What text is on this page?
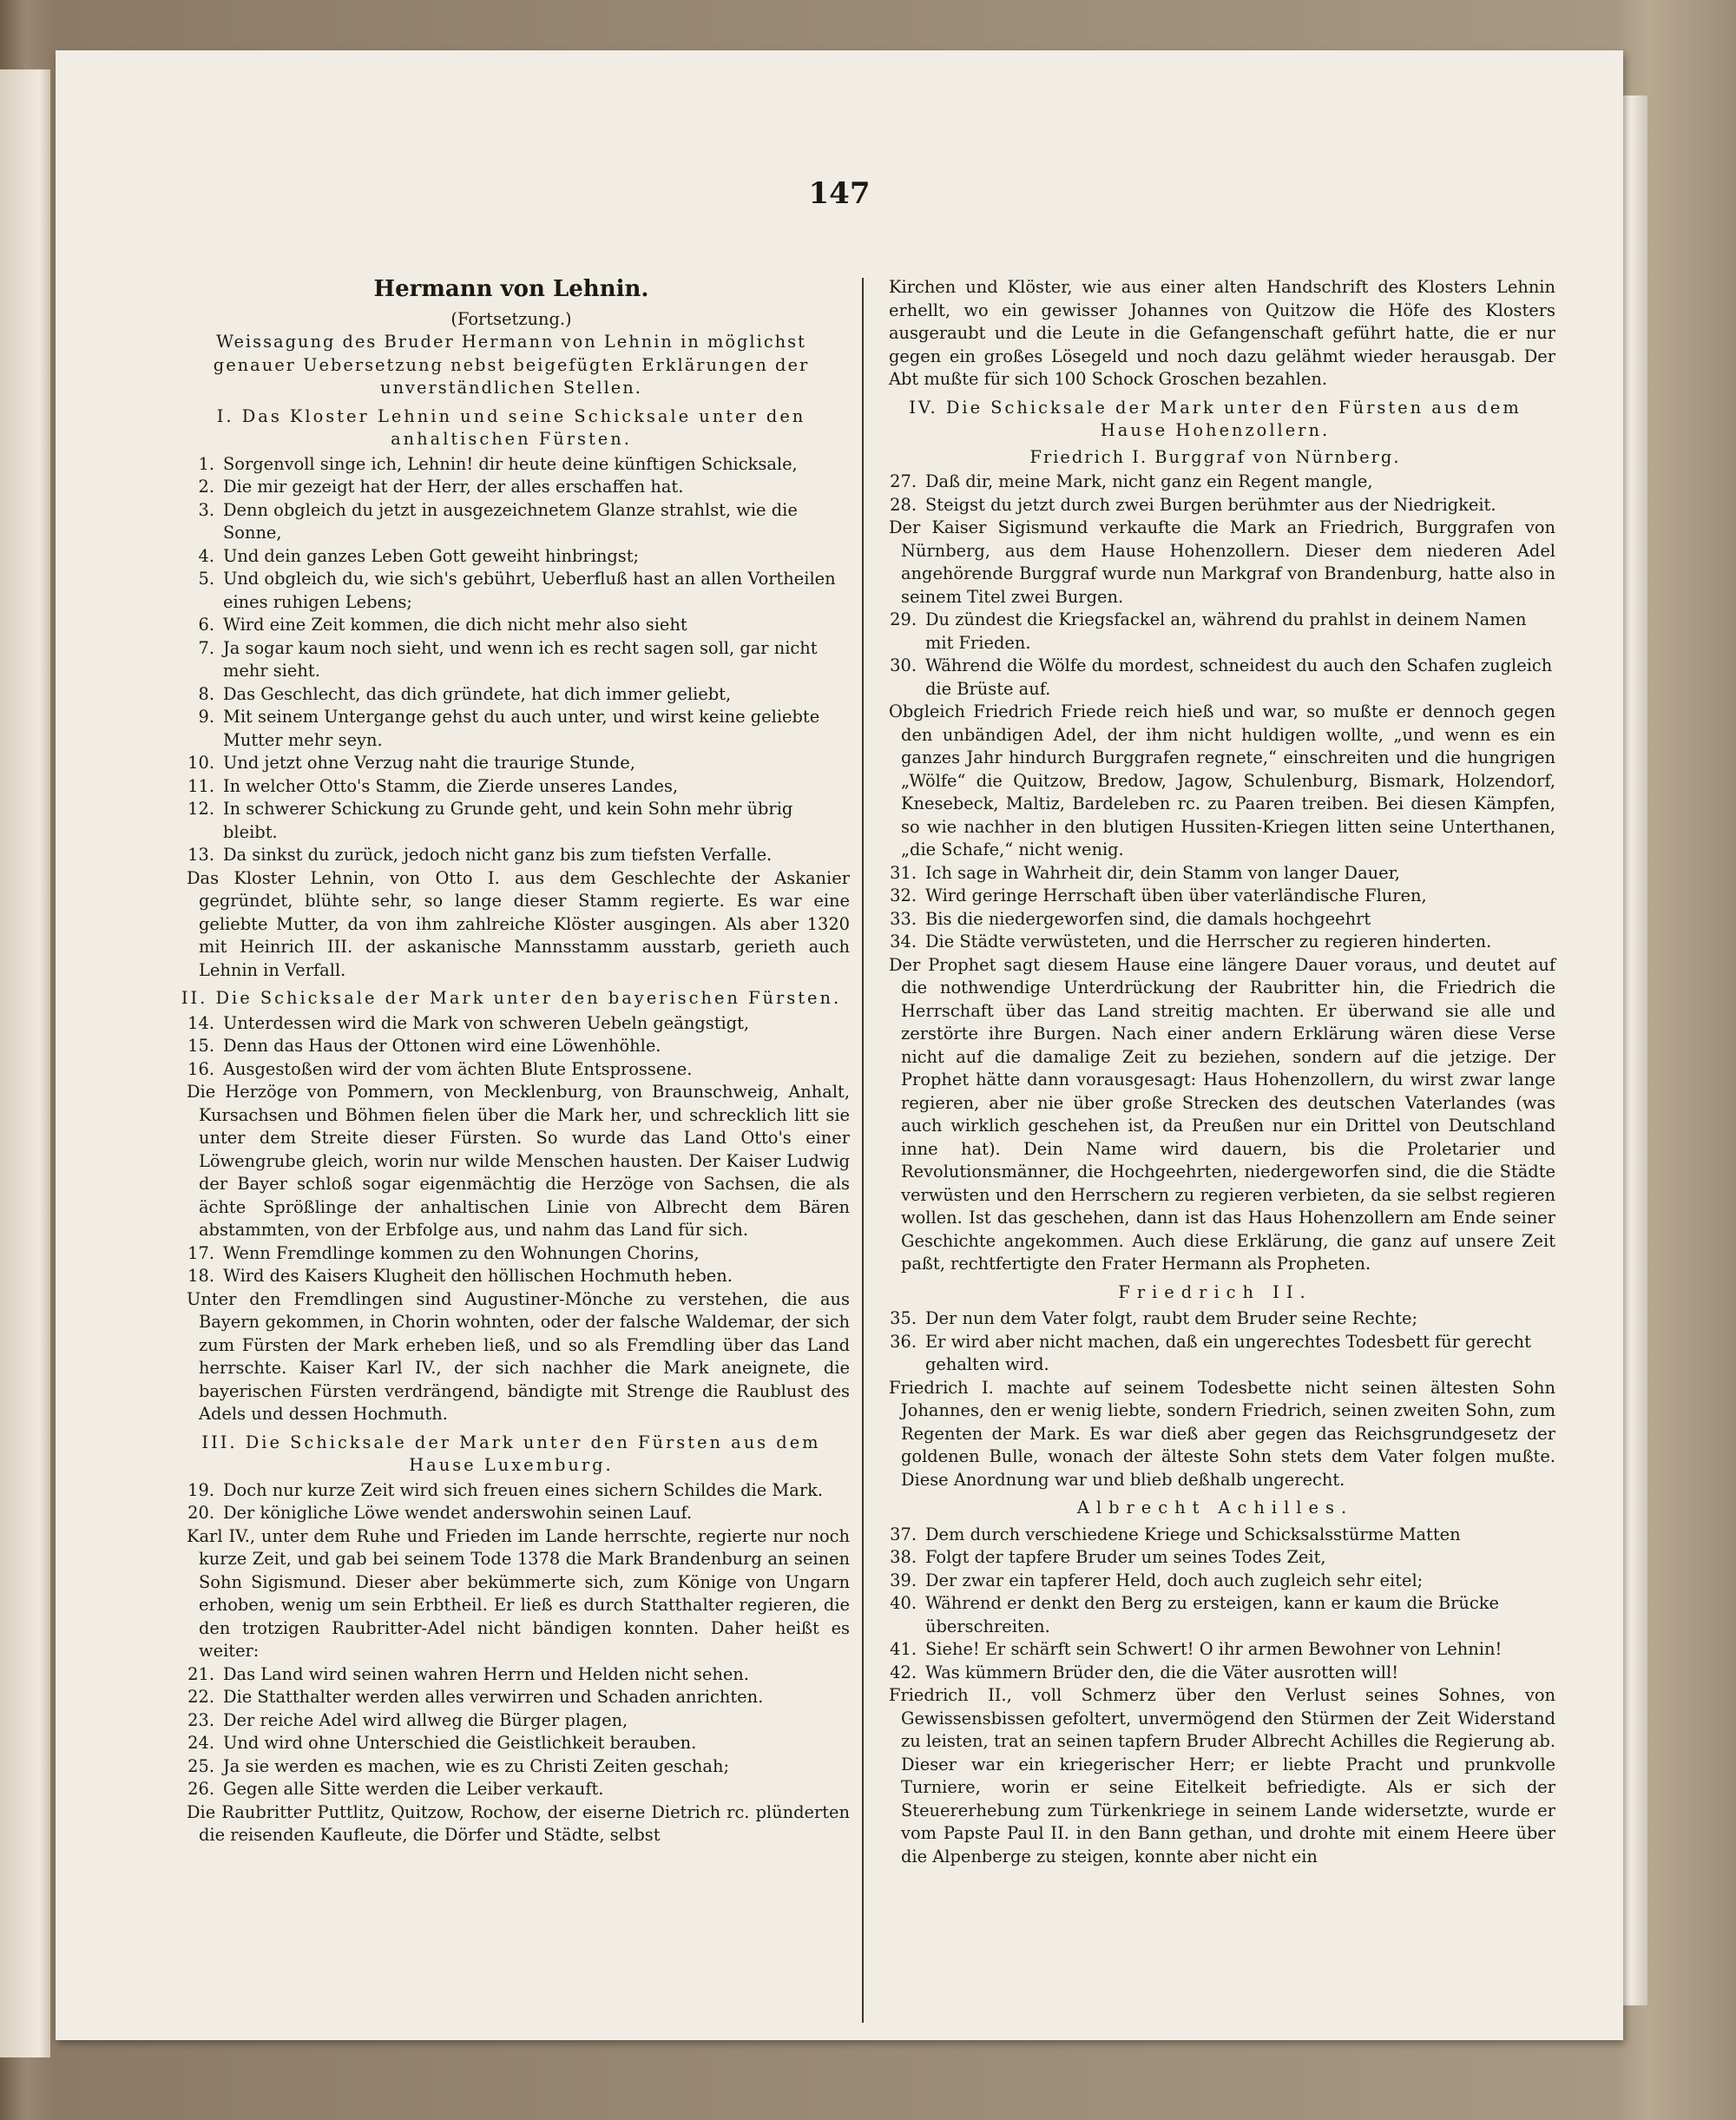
147
Hermann von Lehnin.
(Fortsetzung.)
Weissagung des Bruder Hermann von Lehnin in möglichst genauer Uebersetzung nebst beigefügten Erklärungen der unverständlichen Stellen.
I. Das Kloster Lehnin und seine Schicksale unter den anhaltischen Fürsten.
1. Sorgenvoll singe ich, Lehnin! dir heute deine künftigen Schicksale,
2. Die mir gezeigt hat der Herr, der alles erschaffen hat.
3. Denn obgleich du jetzt in ausgezeichnetem Glanze strahlst, wie die Sonne,
4. Und dein ganzes Leben Gott geweiht hinbringst;
5. Und obgleich du, wie sich's gebührt, Ueberfluß hast an allen Vortheilen eines ruhigen Lebens;
6. Wird eine Zeit kommen, die dich nicht mehr also sieht
7. Ja sogar kaum noch sieht, und wenn ich es recht sagen soll, gar nicht mehr sieht.
8. Das Geschlecht, das dich gründete, hat dich immer geliebt,
9. Mit seinem Untergange gehst du auch unter, und wirst keine geliebte Mutter mehr seyn.
10. Und jetzt ohne Verzug naht die traurige Stunde,
11. In welcher Otto's Stamm, die Zierde unseres Landes,
12. In schwerer Schickung zu Grunde geht, und kein Sohn mehr übrig bleibt.
13. Da sinkst du zurück, jedoch nicht ganz bis zum tiefsten Verfalle.
Das Kloster Lehnin, von Otto I. aus dem Geschlechte der Askanier gegründet, blühte sehr, so lange dieser Stamm regierte. Es war eine geliebte Mutter, da von ihm zahlreiche Klöster ausgingen. Als aber 1320 mit Heinrich III. der askanische Mannsstamm ausstarb, gerieth auch Lehnin in Verfall.
II. Die Schicksale der Mark unter den bayerischen Fürsten.
14. Unterdessen wird die Mark von schweren Uebeln geängstigt,
15. Denn das Haus der Ottonen wird eine Löwenhöhle.
16. Ausgestoßen wird der vom ächten Blute Entsprossene.
Die Herzöge von Pommern, von Mecklenburg, von Braunschweig, Anhalt, Kursachsen und Böhmen fielen über die Mark her, und schrecklich litt sie unter dem Streite dieser Fürsten. So wurde das Land Otto's einer Löwengrube gleich, worin nur wilde Menschen hausten. Der Kaiser Ludwig der Bayer schloß sogar eigenmächtig die Herzöge von Sachsen, die als ächte Sprößlinge der anhaltischen Linie von Albrecht dem Bären abstammten, von der Erbfolge aus, und nahm das Land für sich.
17. Wenn Fremdlinge kommen zu den Wohnungen Chorins,
18. Wird des Kaisers Klugheit den höllischen Hochmuth heben.
Unter den Fremdlingen sind Augustiner-Mönche zu verstehen, die aus Bayern gekommen, in Chorin wohnten, oder der falsche Waldemar, der sich zum Fürsten der Mark erheben ließ, und so als Fremdling über das Land herrschte. Kaiser Karl IV., der sich nachher die Mark aneignete, die bayerischen Fürsten verdrängend, bändigte mit Strenge die Raublust des Adels und dessen Hochmuth.
III. Die Schicksale der Mark unter den Fürsten aus dem Hause Luxemburg.
19. Doch nur kurze Zeit wird sich freuen eines sichern Schildes die Mark.
20. Der königliche Löwe wendet anderswohin seinen Lauf.
Karl IV., unter dem Ruhe und Frieden im Lande herrschte, regierte nur noch kurze Zeit, und gab bei seinem Tode 1378 die Mark Brandenburg an seinen Sohn Sigismund. Dieser aber bekümmerte sich, zum Könige von Ungarn erhoben, wenig um sein Erbtheil. Er ließ es durch Statthalter regieren, die den trotzigen Raubritter-Adel nicht bändigen konnten. Daher heißt es weiter:
21. Das Land wird seinen wahren Herrn und Helden nicht sehen.
22. Die Statthalter werden alles verwirren und Schaden anrichten.
23. Der reiche Adel wird allweg die Bürger plagen,
24. Und wird ohne Unterschied die Geistlichkeit berauben.
25. Ja sie werden es machen, wie es zu Christi Zeiten geschah;
26. Gegen alle Sitte werden die Leiber verkauft.
Die Raubritter Puttlitz, Quitzow, Rochow, der eiserne Dietrich rc. plünderten die reisenden Kaufleute, die Dörfer und Städte, selbst
Kirchen und Klöster, wie aus einer alten Handschrift des Klosters Lehnin erhellt, wo ein gewisser Johannes von Quitzow die Höfe des Klosters ausgeraubt und die Leute in die Gefangenschaft geführt hatte, die er nur gegen ein großes Lösegeld und noch dazu gelähmt wieder herausgab. Der Abt mußte für sich 100 Schock Groschen bezahlen.
IV. Die Schicksale der Mark unter den Fürsten aus dem Hause Hohenzollern.
Friedrich I. Burggraf von Nürnberg.
27. Daß dir, meine Mark, nicht ganz ein Regent mangle,
28. Steigst du jetzt durch zwei Burgen berühmter aus der Niedrigkeit.
Der Kaiser Sigismund verkaufte die Mark an Friedrich, Burggrafen von Nürnberg, aus dem Hause Hohenzollern. Dieser dem niederen Adel angehörende Burggraf wurde nun Markgraf von Brandenburg, hatte also in seinem Titel zwei Burgen.
29. Du zündest die Kriegsfackel an, während du prahlst in deinem Namen mit Frieden.
30. Während die Wölfe du mordest, schneidest du auch den Schafen zugleich die Brüste auf.
Obgleich Friedrich Friede reich hieß und war, so mußte er dennoch gegen den unbändigen Adel, der ihm nicht huldigen wollte, „und wenn es ein ganzes Jahr hindurch Burggrafen regnete,“ einschreiten und die hungrigen „Wölfe“ die Quitzow, Bredow, Jagow, Schulenburg, Bismark, Holzendorf, Knesebeck, Maltiz, Bardeleben rc. zu Paaren treiben. Bei diesen Kämpfen, so wie nachher in den blutigen Hussiten-Kriegen litten seine Unterthanen, „die Schafe,“ nicht wenig.
31. Ich sage in Wahrheit dir, dein Stamm von langer Dauer,
32. Wird geringe Herrschaft üben über vaterländische Fluren,
33. Bis die niedergeworfen sind, die damals hochgeehrt
34. Die Städte verwüsteten, und die Herrscher zu regieren hinderten.
Der Prophet sagt diesem Hause eine längere Dauer voraus, und deutet auf die nothwendige Unterdrückung der Raubritter hin, die Friedrich die Herrschaft über das Land streitig machten. Er überwand sie alle und zerstörte ihre Burgen. Nach einer andern Erklärung wären diese Verse nicht auf die damalige Zeit zu beziehen, sondern auf die jetzige. Der Prophet hätte dann vorausgesagt: Haus Hohenzollern, du wirst zwar lange regieren, aber nie über große Strecken des deutschen Vaterlandes (was auch wirklich geschehen ist, da Preußen nur ein Drittel von Deutschland inne hat). Dein Name wird dauern, bis die Proletarier und Revolutionsmänner, die Hochgeehrten, niedergeworfen sind, die die Städte verwüsten und den Herrschern zu regieren verbieten, da sie selbst regieren wollen. Ist das geschehen, dann ist das Haus Hohenzollern am Ende seiner Geschichte angekommen. Auch diese Erklärung, die ganz auf unsere Zeit paßt, rechtfertigte den Frater Hermann als Propheten.
Friedrich II.
35. Der nun dem Vater folgt, raubt dem Bruder seine Rechte;
36. Er wird aber nicht machen, daß ein ungerechtes Todesbett für gerecht gehalten wird.
Friedrich I. machte auf seinem Todesbette nicht seinen ältesten Sohn Johannes, den er wenig liebte, sondern Friedrich, seinen zweiten Sohn, zum Regenten der Mark. Es war dieß aber gegen das Reichsgrundgesetz der goldenen Bulle, wonach der älteste Sohn stets dem Vater folgen mußte. Diese Anordnung war und blieb deßhalb ungerecht.
Albrecht Achilles.
37. Dem durch verschiedene Kriege und Schicksalsstürme Matten
38. Folgt der tapfere Bruder um seines Todes Zeit,
39. Der zwar ein tapferer Held, doch auch zugleich sehr eitel;
40. Während er denkt den Berg zu ersteigen, kann er kaum die Brücke überschreiten.
41. Siehe! Er schärft sein Schwert! O ihr armen Bewohner von Lehnin!
42. Was kümmern Brüder den, die die Väter ausrotten will!
Friedrich II., voll Schmerz über den Verlust seines Sohnes, von Gewissensbissen gefoltert, unvermögend den Stürmen der Zeit Widerstand zu leisten, trat an seinen tapfern Bruder Albrecht Achilles die Regierung ab. Dieser war ein kriegerischer Herr; er liebte Pracht und prunkvolle Turniere, worin er seine Eitelkeit befriedigte. Als er sich der Steuererhebung zum Türkenkriege in seinem Lande widersetzte, wurde er vom Papste Paul II. in den Bann gethan, und drohte mit einem Heere über die Alpenberge zu steigen, konnte aber nicht ein
